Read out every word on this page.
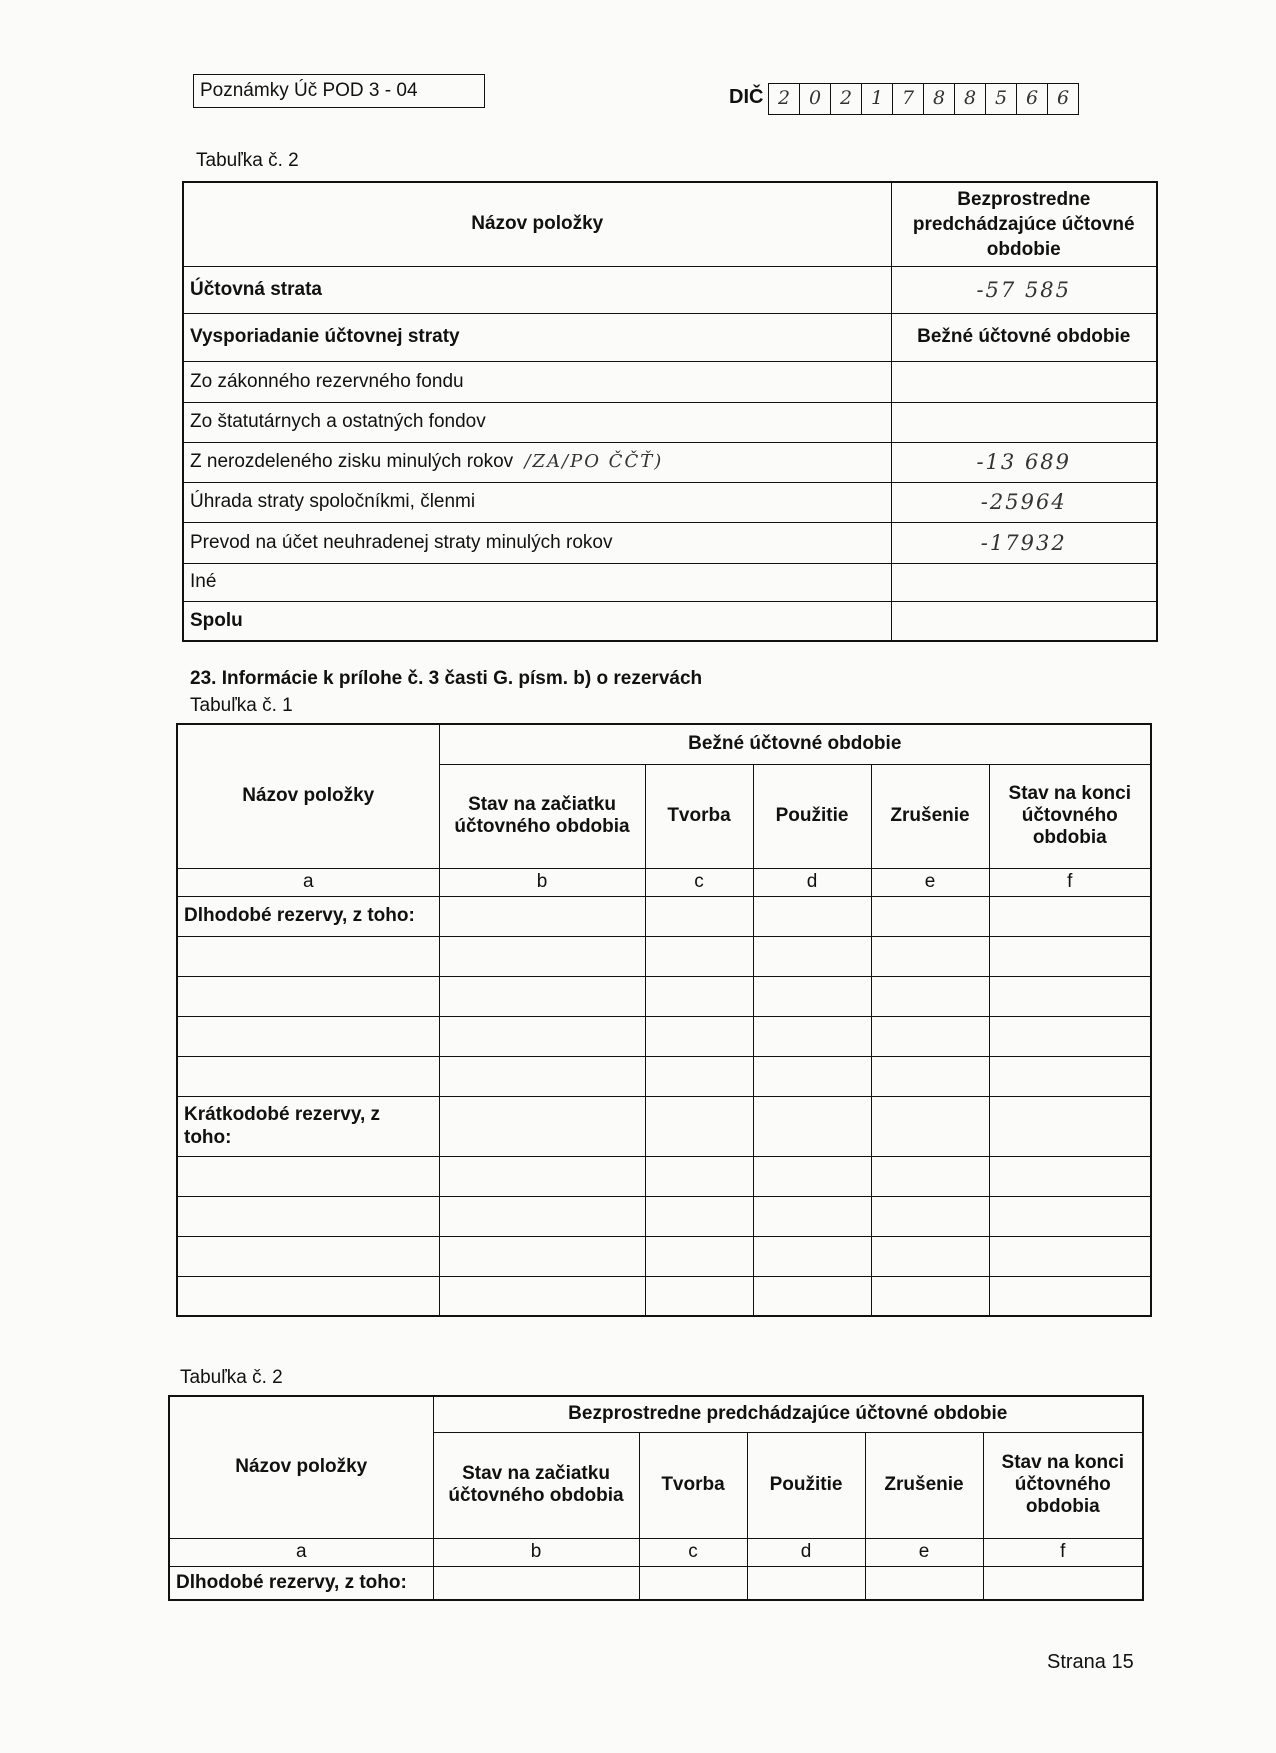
Poznámky Úč POD 3 - 04	DIČ 2 0 2 1 7 8 8 5 6 6
Tabuľka č. 2
Názov položky	Bezprostredne predchádzajúce účtovné obdobie
Účtovná strata	-57 585
Vysporiadanie účtovnej straty	Bežné účtovné obdobie
Zo zákonného rezervného fondu	
Zo štatutárnych a ostatných fondov	
Z nerozdeleného zisku minulých rokov /ZA/PO ČČŤ)	-13 689
Úhrada straty spoločníkmi, členmi	-25964
Prevod na účet neuhradenej straty minulých rokov	-17932
Iné	
Spolu	
23. Informácie k prílohe č. 3 časti G. písm. b) o rezervách
Tabuľka č. 1
Názov položky	Bežné účtovné obdobie				
	Stav na začiatku účtovného obdobia	Tvorba	Použitie	Zrušenie	Stav na konci účtovného obdobia
a	b	c	d	e	f
Dlhodobé rezervy, z toho:					

Krátkodobé rezervy, z toho:					

Tabuľka č. 2
Názov položky	Bezprostredne predchádzajúce účtovné obdobie				
	Stav na začiatku účtovného obdobia	Tvorba	Použitie	Zrušenie	Stav na konci účtovného obdobia
a	b	c	d	e	f
Dlhodobé rezervy, z toho:					
Strana 15
